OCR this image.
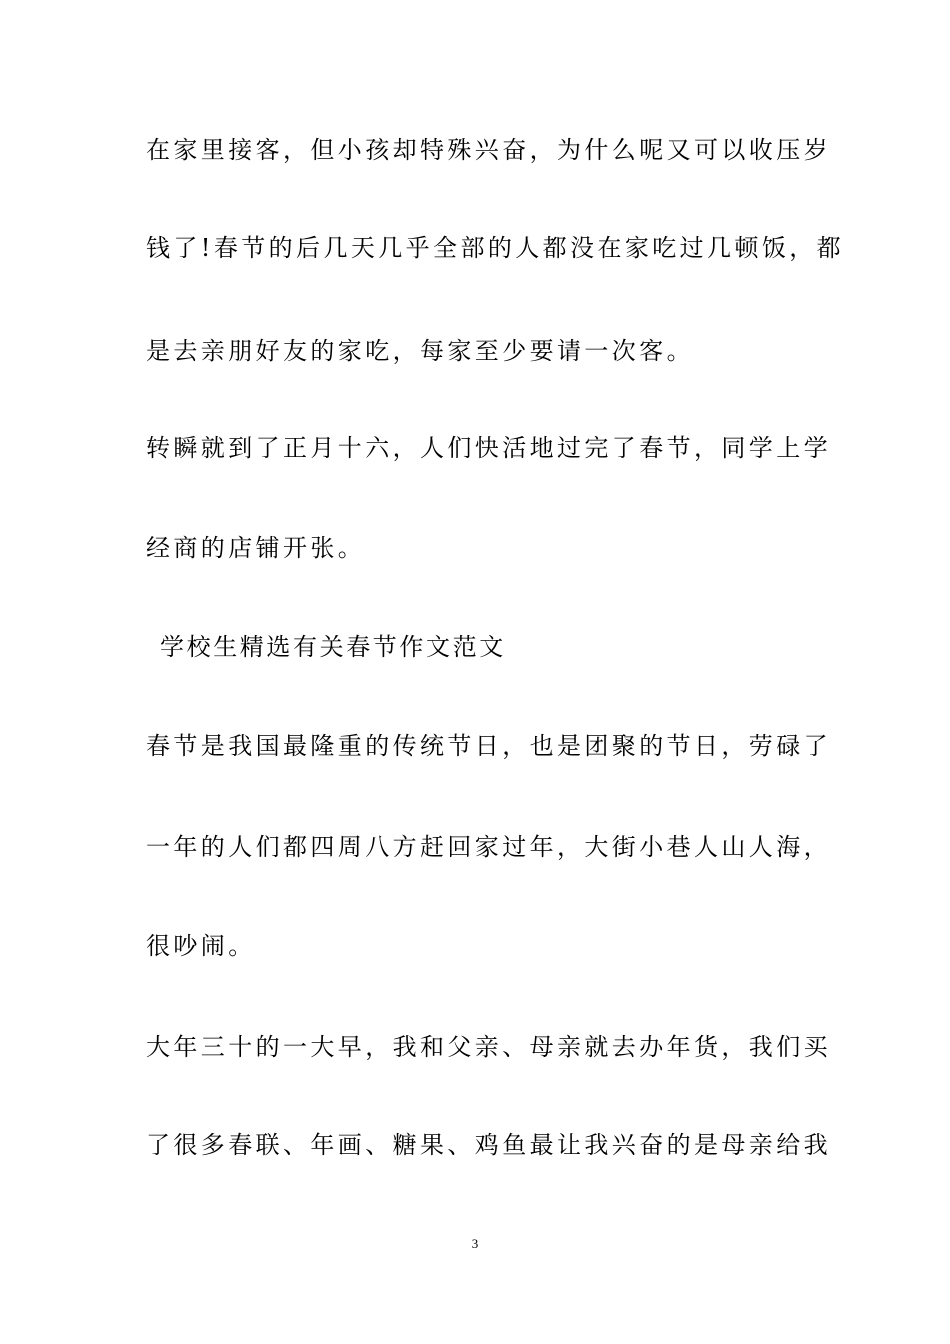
在家里接客，但小孩却特殊兴奋，为什么呢又可以收压岁
钱了!春节的后几天几乎全部的人都没在家吃过几顿饭，都
是去亲朋好友的家吃，每家至少要请一次客。
转瞬就到了正月十六，人们快活地过完了春节，同学上学
经商的店铺开张。
学校生精选有关春节作文范文
春节是我国最隆重的传统节日，也是团聚的节日，劳碌了
一年的人们都四周八方赶回家过年，大街小巷人山人海，
很吵闹。
大年三十的一大早，我和父亲、母亲就去办年货，我们买
了很多春联、年画、糖果、鸡鱼最让我兴奋的是母亲给我
3
